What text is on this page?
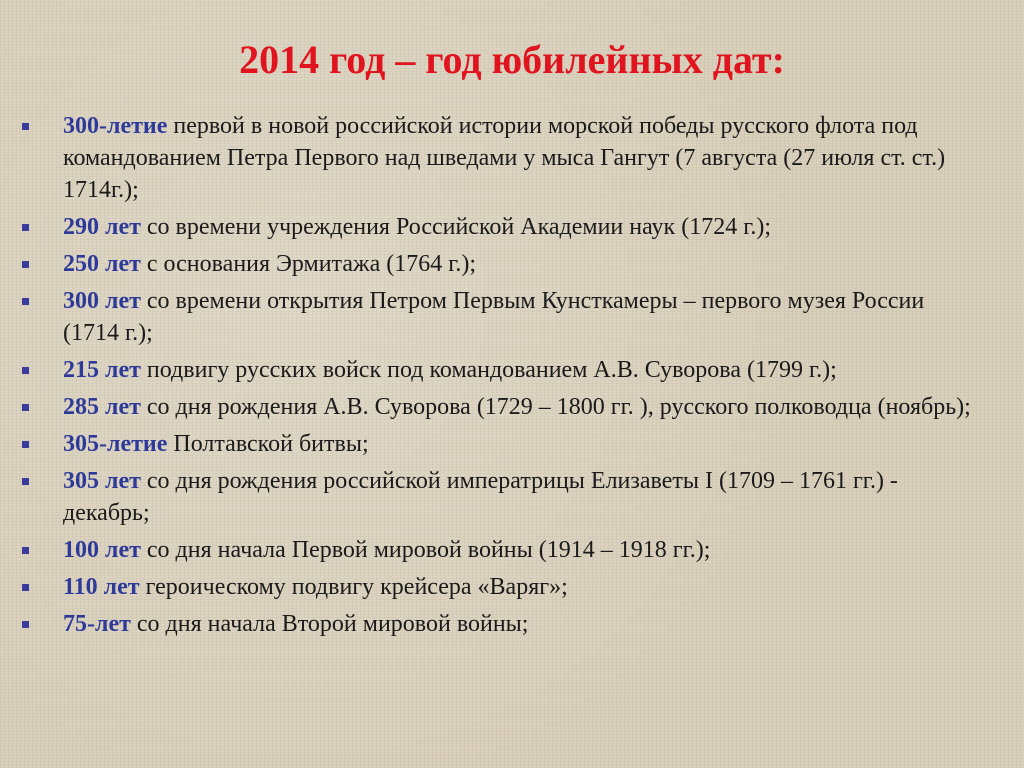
2014 год – год юбилейных дат:
300-летие первой в новой российской истории морской победы русского флота под командованием Петра Первого над шведами у мыса Гангут (7 августа (27 июля ст. ст.) 1714г.);
290 лет со времени учреждения Российской Академии наук (1724 г.);
250 лет с основания Эрмитажа (1764 г.);
300 лет со времени открытия Петром Первым Кунсткамеры – первого музея России (1714 г.);
215 лет подвигу русских войск под командованием А.В. Суворова (1799 г.);
285 лет со дня рождения А.В. Суворова (1729 – 1800 гг. ), русского полководца (ноябрь);
305-летие Полтавской битвы;
305 лет со дня рождения российской императрицы Елизаветы I (1709 – 1761 гг.) - декабрь;
100 лет со дня начала Первой мировой войны (1914 – 1918 гг.);
110 лет героическому подвигу крейсера «Варяг»;
75-лет со дня начала Второй мировой войны;
